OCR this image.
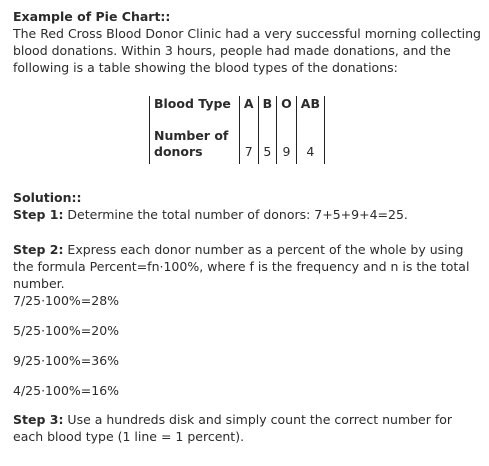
Example of Pie Chart::
The Red Cross Blood Donor Clinic had a very successful morning collecting blood donations. Within 3 hours, people had made donations, and the following is a table showing the blood types of the donations:
Blood Type		A	B	O	AB
Number of
donors		7	5	9	4
Solution::
Step 1: Determine the total number of donors: 7+5+9+4=25.
Step 2: Express each donor number as a percent of the whole by using the formula Percent=fn·100%, where f is the frequency and n is the total number.
7/25·100%=28%
5/25·100%=20%
9/25·100%=36%
4/25·100%=16%
Step 3: Use a hundreds disk and simply count the correct number for each blood type (1 line = 1 percent).
